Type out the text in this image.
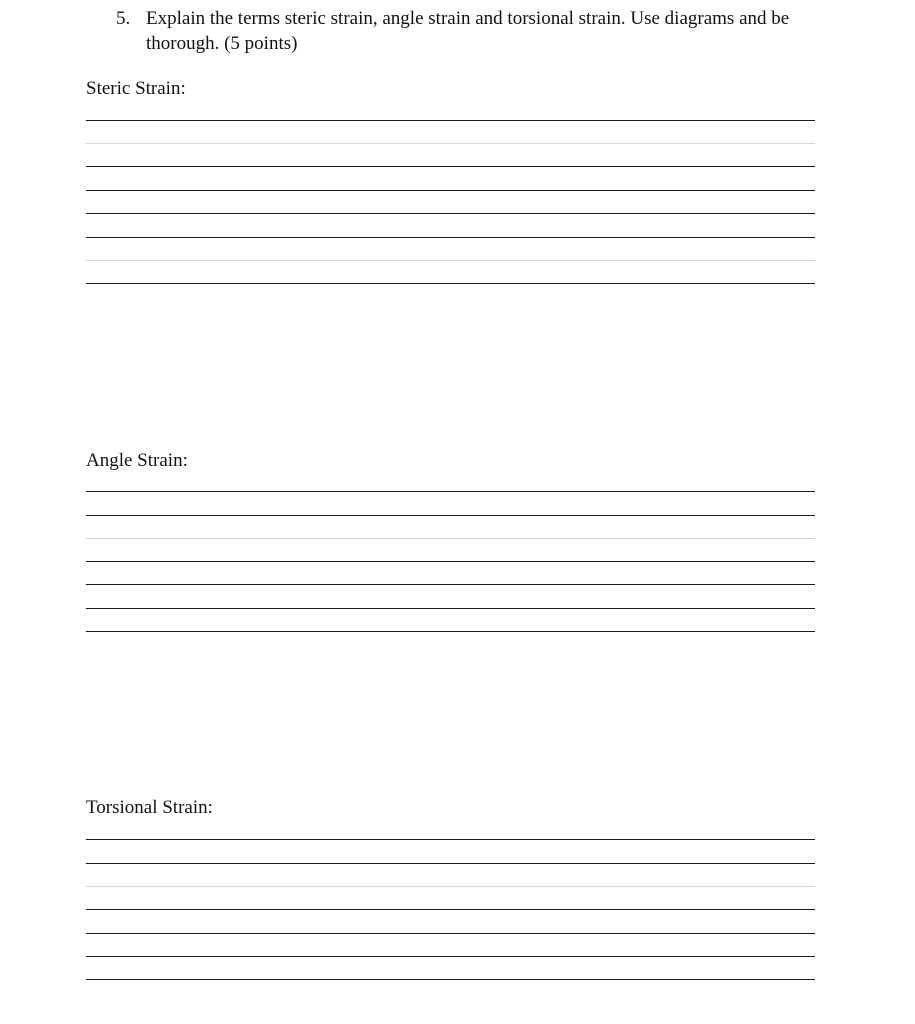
5. Explain the terms steric strain, angle strain and torsional strain. Use diagrams and be thorough. (5 points)
Steric Strain:
Angle Strain:
Torsional Strain:
